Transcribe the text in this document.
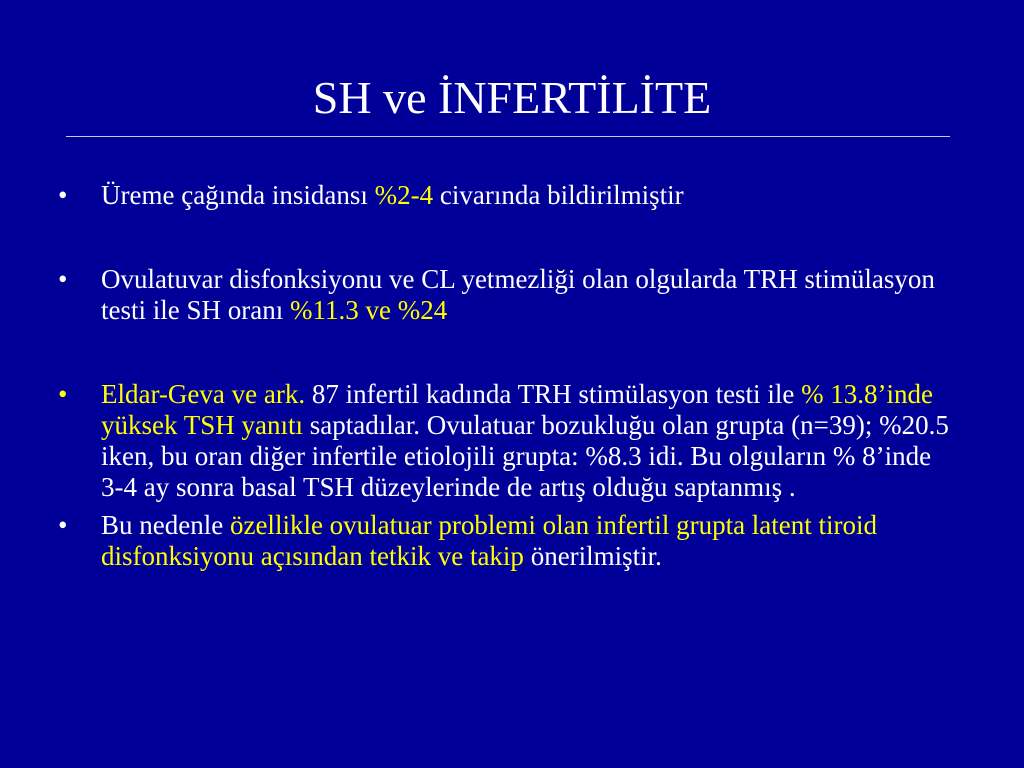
SH ve İNFERTİLİTE
•	Üreme çağında insidansı %2-4 civarında bildirilmiştir
•	Ovulatuvar disfonksiyonu ve CL yetmezliği olan olgularda TRH stimülasyon testi ile SH oranı %11.3 ve %24
•	Eldar-Geva ve ark. 87 infertil kadında TRH stimülasyon testi ile % 13.8’inde yüksek TSH yanıtı saptadılar. Ovulatuar bozukluğu olan grupta (n=39); %20.5 iken, bu oran diğer infertile etiolojili grupta: %8.3 idi. Bu olguların % 8’inde 3-4 ay sonra basal TSH düzeylerinde de artış olduğu saptanmış .
•	Bu nedenle özellikle ovulatuar problemi olan infertil grupta latent tiroid disfonksiyonu açısından tetkik ve takip önerilmiştir.
